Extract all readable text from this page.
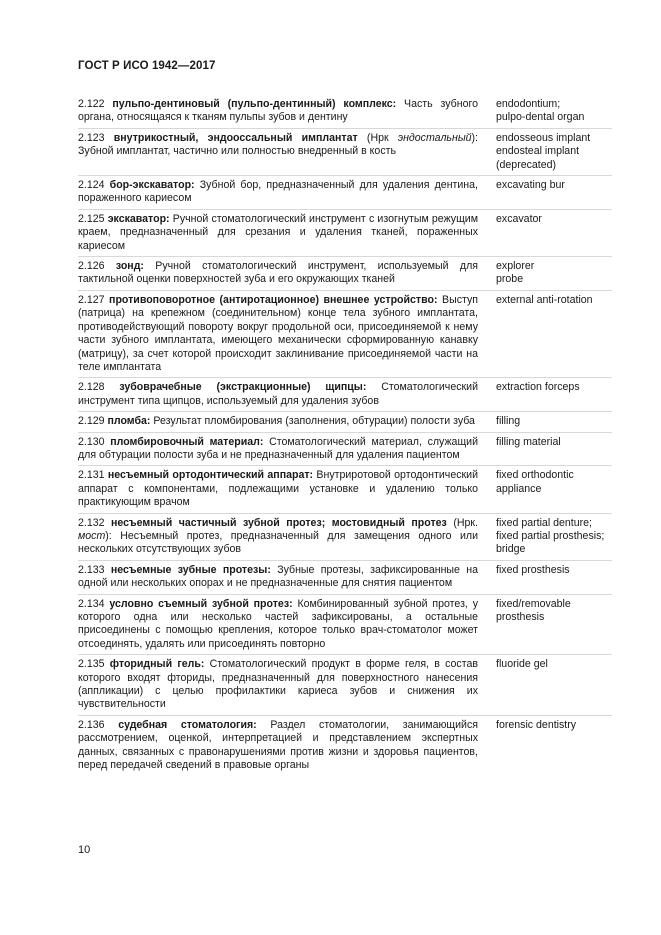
ГОСТ Р ИСО 1942—2017
2.122 пульпо-дентиновый (пульпо-дентинный) комплекс: Часть зубного органа, относящаяся к тканям пульпы зубов и дентину
endodontium;
pulpo-dental organ
2.123 внутрикостный, эндооссальный имплантат (Нрк эндостальный): Зубной имплантат, частично или полностью внедренный в кость
endosseous implant
endosteal implant
(deprecated)
2.124 бор-экскаватор: Зубной бор, предназначенный для удаления дентина, пораженного кариесом
excavating bur
2.125 экскаватор: Ручной стоматологический инструмент с изогнутым режущим краем, предназначенный для срезания и удаления тканей, пораженных кариесом
excavator
2.126 зонд: Ручной стоматологический инструмент, используемый для тактильной оценки поверхностей зуба и его окружающих тканей
explorer
probe
2.127 противоповоротное (антиротационное) внешнее устройство: Выступ (патрица) на крепежном (соединительном) конце тела зубного имплантата, противодействующий повороту вокруг продольной оси, присоединяемой к нему части зубного имплантата, имеющего механически сформированную канавку (матрицу), за счет которой происходит заклинивание присоединяемой части на теле имплантата
external anti-rotation
2.128 зубоврачебные (экстракционные) щипцы: Стоматологический инструмент типа щипцов, используемый для удаления зубов
extraction forceps
2.129 пломба: Результат пломбирования (заполнения, обтурации) полости зуба	filling
2.130 пломбировочный материал: Стоматологический материал, служащий для обтурации полости зуба и не предназначенный для удаления пациентом
filling material
2.131 несъемный ортодонтический аппарат: Внутриротовой ортодонтический аппарат с компонентами, подлежащими установке и удалению только практикующим врачом
fixed orthodontic
appliance
2.132 несъемный частичный зубной протез; мостовидный протез (Нрк. мост): Несъемный протез, предназначенный для замещения одного или нескольких отсутствующих зубов
fixed partial denture;
fixed partial prosthesis;
bridge
2.133 несъемные зубные протезы: Зубные протезы, зафиксированные на одной или нескольких опорах и не предназначенные для снятия пациентом
fixed prosthesis
2.134 условно съемный зубной протез: Комбинированный зубной протез, у которого одна или несколько частей зафиксированы, а остальные присоединены с помощью крепления, которое только врач-стоматолог может отсоединять, удалять или присоединять повторно
fixed/removable
prosthesis
2.135 фторидный гель: Стоматологический продукт в форме геля, в состав которого входят фториды, предназначенный для поверхностного нанесения (аппликации) с целью профилактики кариеса зубов и снижения их чувствительности
fluoride gel
2.136 судебная стоматология: Раздел стоматологии, занимающийся рассмотрением, оценкой, интерпретацией и представлением экспертных данных, связанных с правонарушениями против жизни и здоровья пациентов, перед передачей сведений в правовые органы
forensic dentistry
10
